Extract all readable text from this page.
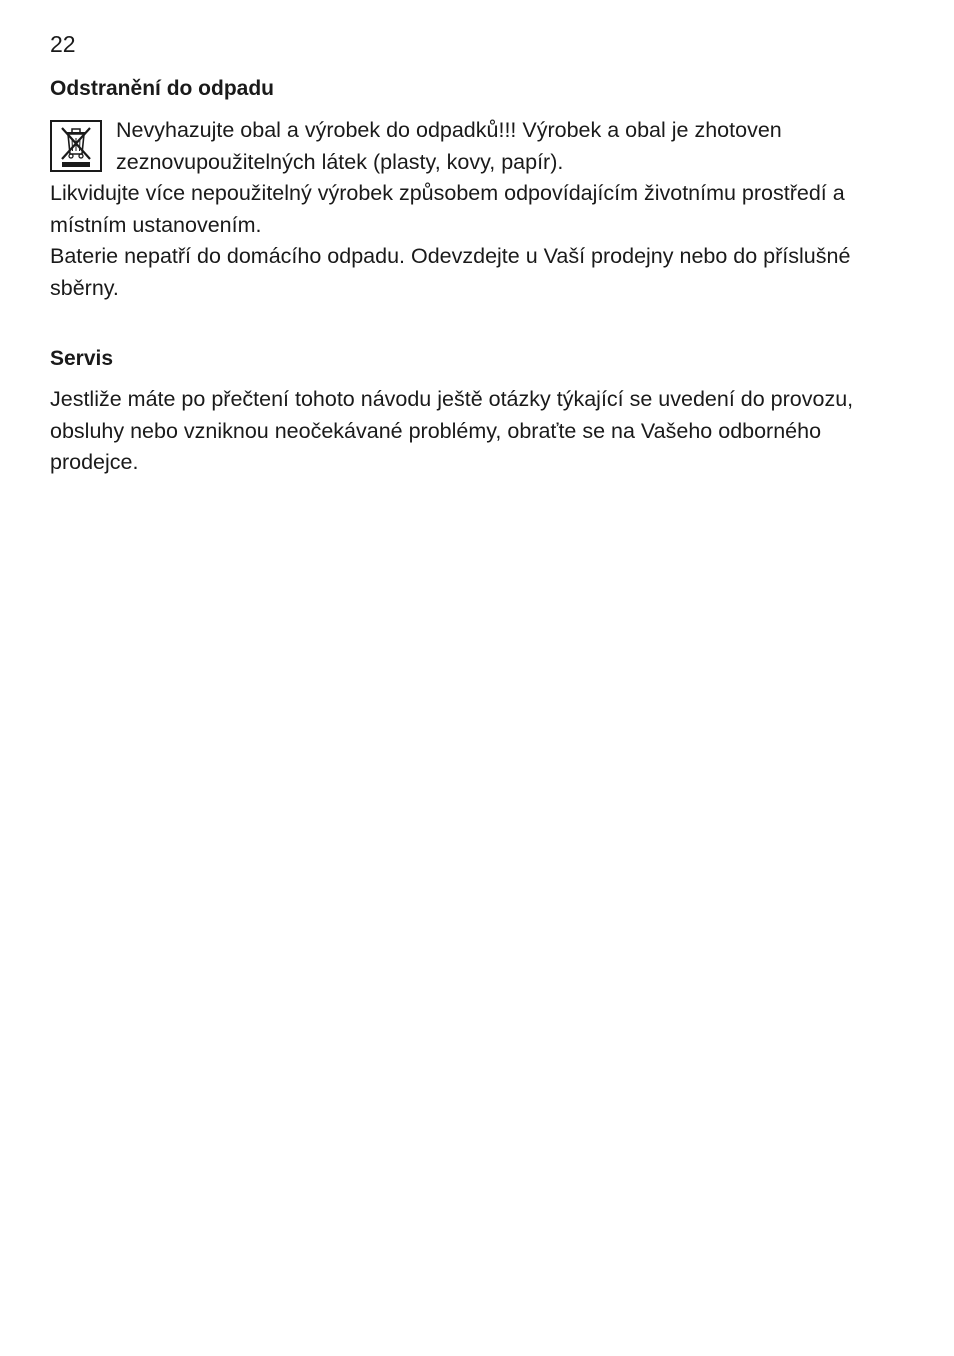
22
Odstranění do odpadu

Nevyhazujte obal a výrobek do odpadků!!! Výrobek a obal je zhotoven
zeznovupoužitelných látek (plasty, kovy, papír).

Likvidujte více nepoužitelný výrobek způsobem odpovídajícím životnímu prostředí a
místním ustanovením.

Baterie nepatří do domácího odpadu. Odevzdejte u Vaší prodejny nebo do příslušné
sběrny.

Servis

Jestliže máte po přečtení tohoto návodu ještě otázky týkající se uvedení do provozu,
obsluhy nebo vzniknou neočekávané problémy, obraťte se na Vašeho odborného
prodejce.
